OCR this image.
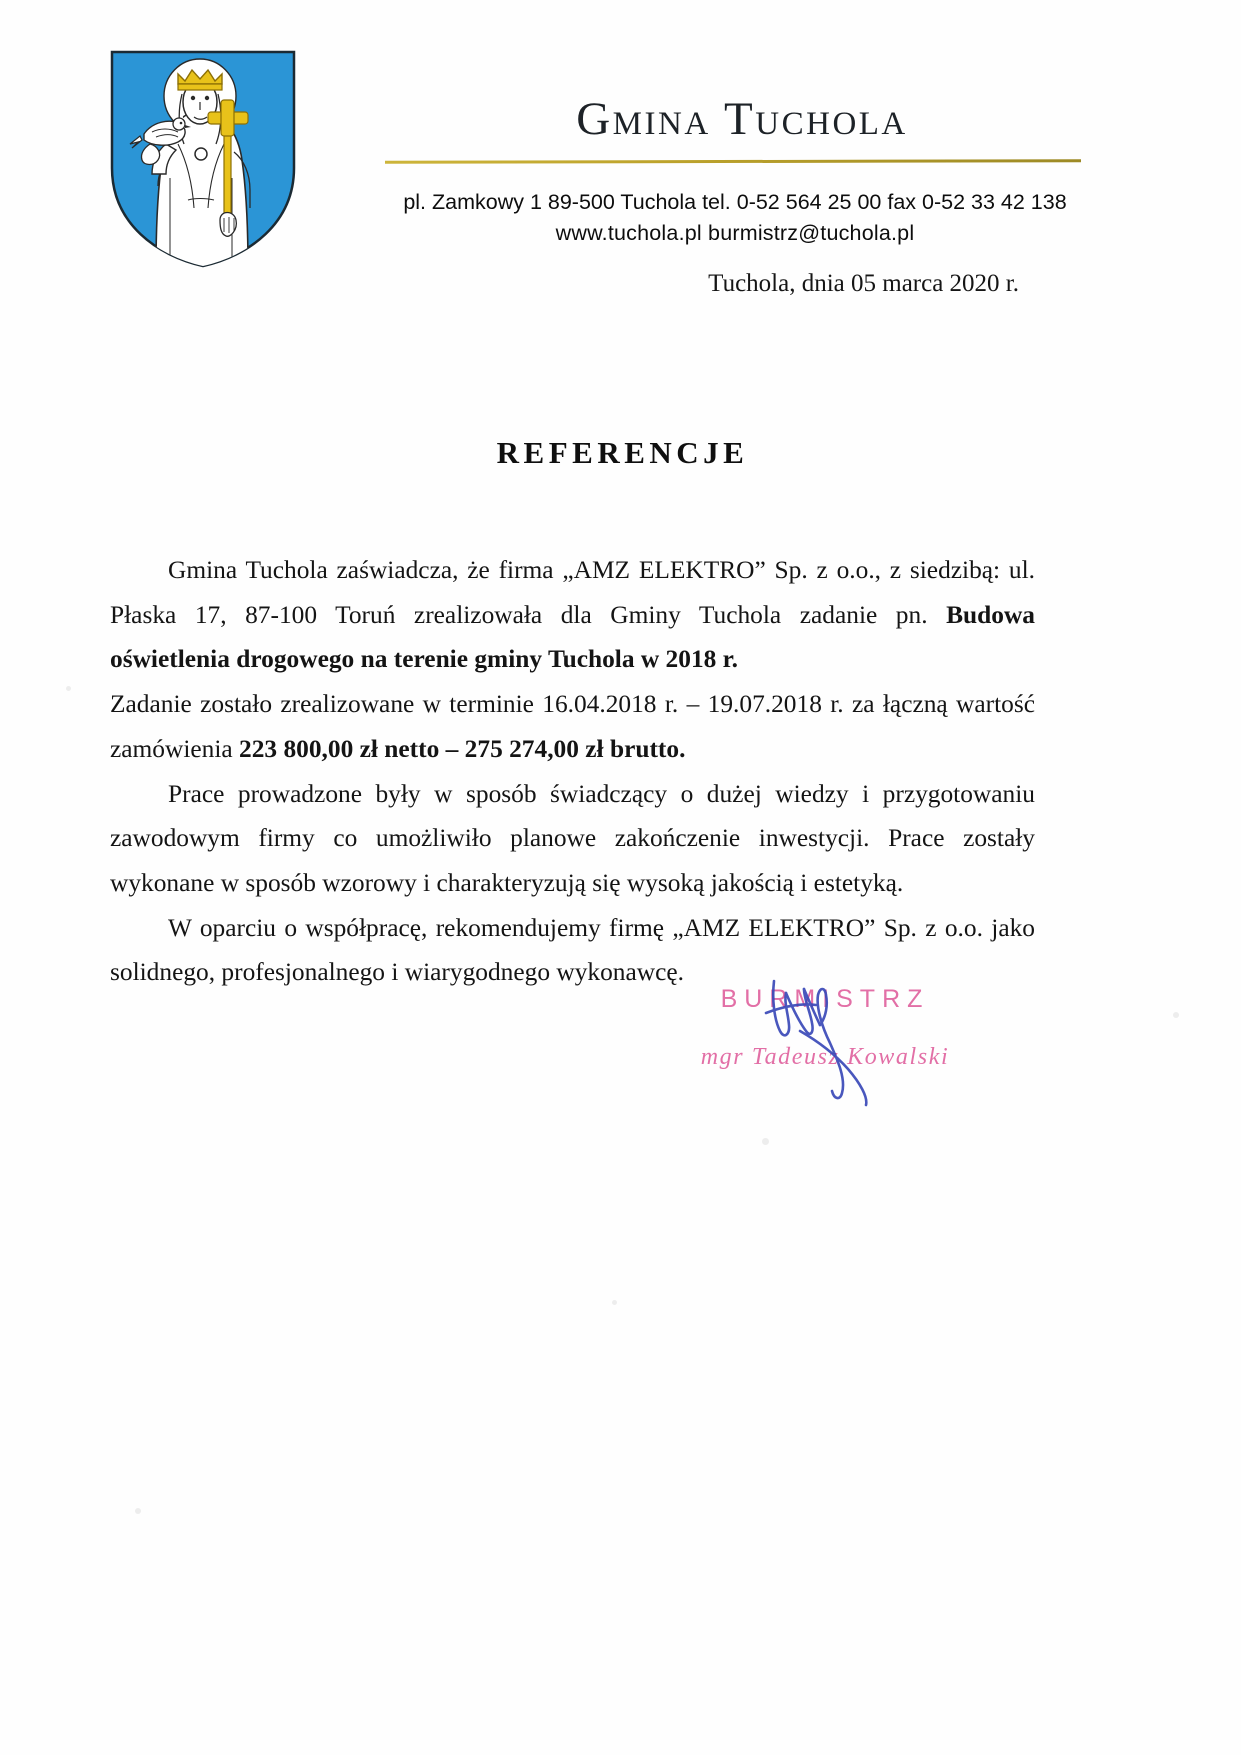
Gmina Tuchola
pl. Zamkowy 1 89-500 Tuchola tel. 0-52 564 25 00 fax 0-52 33 42 138
www.tuchola.pl burmistrz@tuchola.pl
Tuchola, dnia 05 marca 2020 r.
REFERENCJE

Gmina Tuchola zaświadcza, że firma „AMZ ELEKTRO” Sp. z o.o., z siedzibą: ul. Płaska 17, 87-100 Toruń zrealizowała dla Gminy Tuchola zadanie pn. Budowa oświetlenia drogowego na terenie gminy Tuchola w 2018 r.

Zadanie zostało zrealizowane w terminie 16.04.2018 r. – 19.07.2018 r. za łączną wartość zamówienia 223 800,00 zł netto – 275 274,00 zł brutto.

Prace prowadzone były w sposób świadczący o dużej wiedzy i przygotowaniu zawodowym firmy co umożliwiło planowe zakończenie inwestycji. Prace zostały wykonane w sposób wzorowy i charakteryzują się wysoką jakością i estetyką.

W oparciu o współpracę, rekomendujemy firmę „AMZ ELEKTRO” Sp. z o.o. jako solidnego, profesjonalnego i wiarygodnego wykonawcę.

BURMISTRZ
mgr Tadeusz Kowalski
